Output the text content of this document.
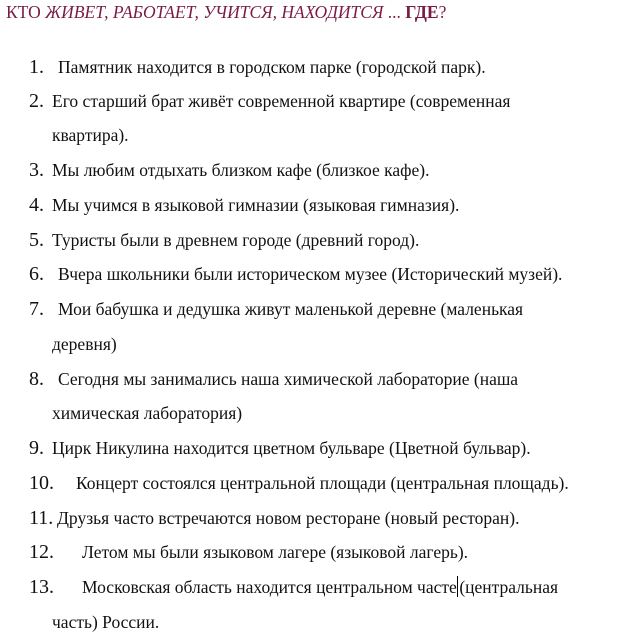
КТО ЖИВЕТ, РАБОТАЕТ, УЧИТСЯ, НАХОДИТСЯ ... ГДЕ?
1. Памятник находится в городском парке (городской парк).
2. Его старший брат живёт современной квартире (современная
квартира).
3. Мы любим отдыхать близком кафе (близкое кафе).
4. Мы учимся в языковой гимназии (языковая гимназия).
5. Туристы были в древнем городе (древний город).
6. Вчера школьники были историческом музее (Исторический музей).
7. Мои бабушка и дедушка живут маленькой деревне (маленькая
деревня)
8. Сегодня мы занимались наша химической лабораторие (наша
химическая лаборатория)
9. Цирк Никулина находится цветном бульваре (Цветной бульвар).
10. Концерт состоялся центральной площади (центральная площадь).
11. Друзья часто встречаются новом ресторане (новый ресторан).
12. Летом мы были языковом лагере (языковой лагерь).
13. Московская область находится центральном часте (центральная
часть) России.
